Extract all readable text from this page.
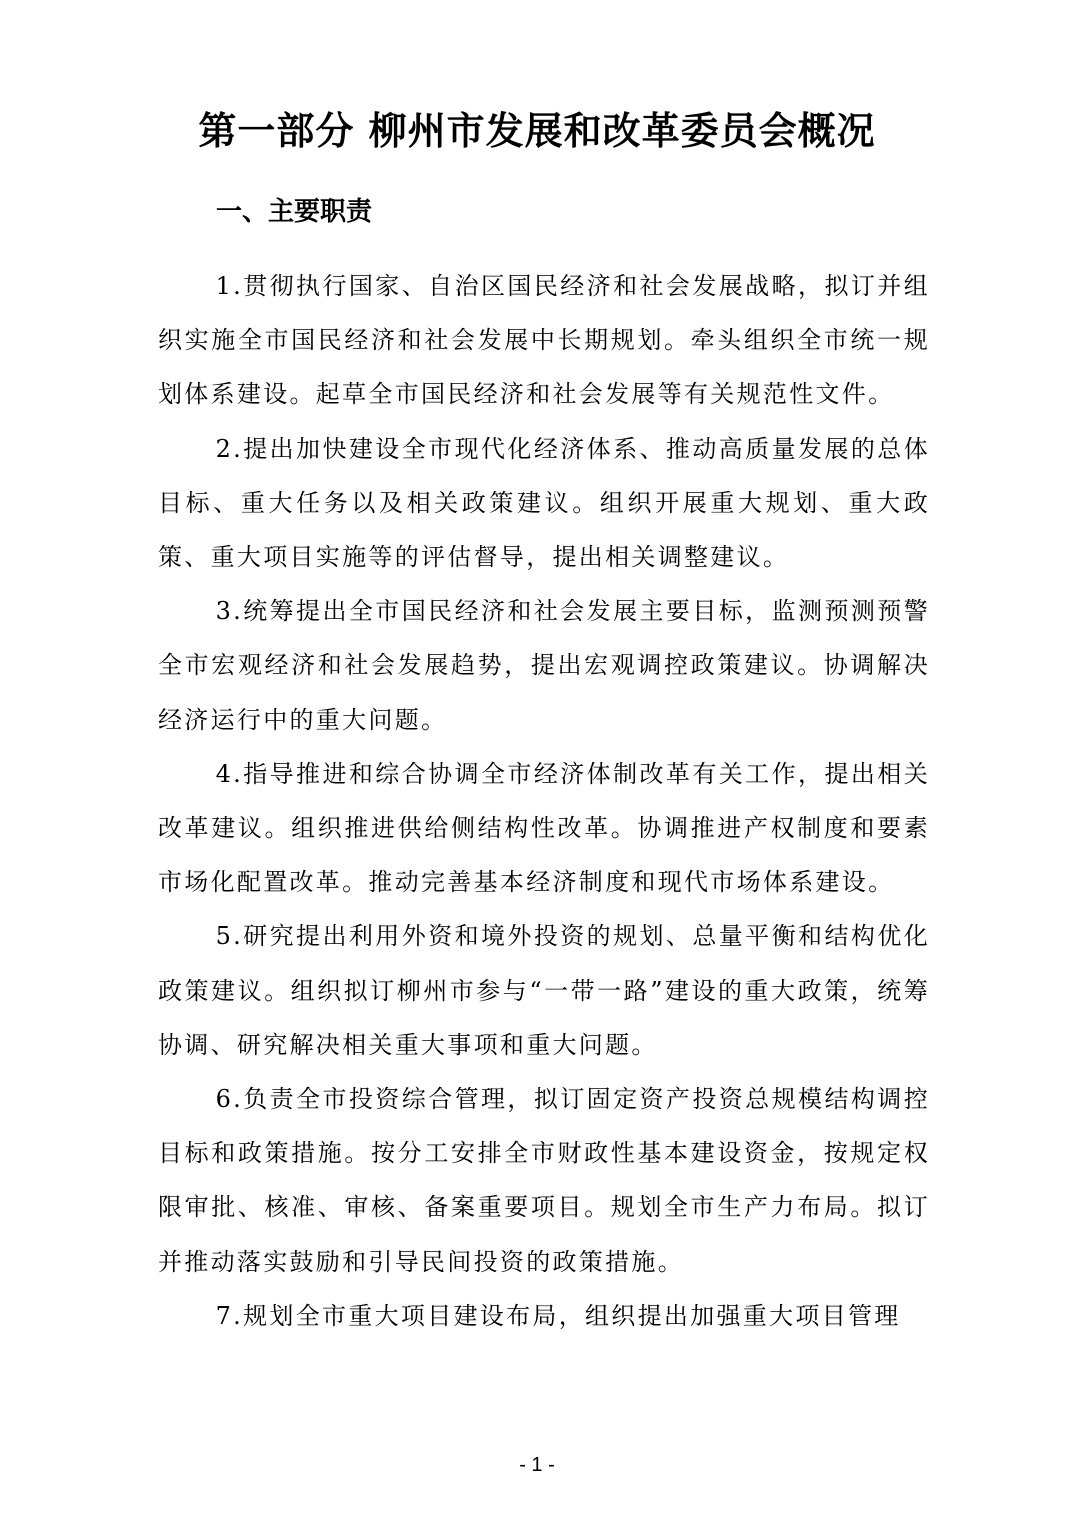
第一部分 柳州市发展和改革委员会概况
一、主要职责

1.贯彻执行国家、自治区国民经济和社会发展战略，拟订并组织实施全市国民经济和社会发展中长期规划。牵头组织全市统一规划体系建设。起草全市国民经济和社会发展等有关规范性文件。

2.提出加快建设全市现代化经济体系、推动高质量发展的总体目标、重大任务以及相关政策建议。组织开展重大规划、重大政策、重大项目实施等的评估督导，提出相关调整建议。

3.统筹提出全市国民经济和社会发展主要目标，监测预测预警全市宏观经济和社会发展趋势，提出宏观调控政策建议。协调解决经济运行中的重大问题。

4.指导推进和综合协调全市经济体制改革有关工作，提出相关改革建议。组织推进供给侧结构性改革。协调推进产权制度和要素市场化配置改革。推动完善基本经济制度和现代市场体系建设。

5.研究提出利用外资和境外投资的规划、总量平衡和结构优化政策建议。组织拟订柳州市参与“一带一路”建设的重大政策，统筹协调、研究解决相关重大事项和重大问题。

6.负责全市投资综合管理，拟订固定资产投资总规模结构调控目标和政策措施。按分工安排全市财政性基本建设资金，按规定权限审批、核准、审核、备案重要项目。规划全市生产力布局。拟订并推动落实鼓励和引导民间投资的政策措施。

7.规划全市重大项目建设布局，组织提出加强重大项目管理

- 1 -
